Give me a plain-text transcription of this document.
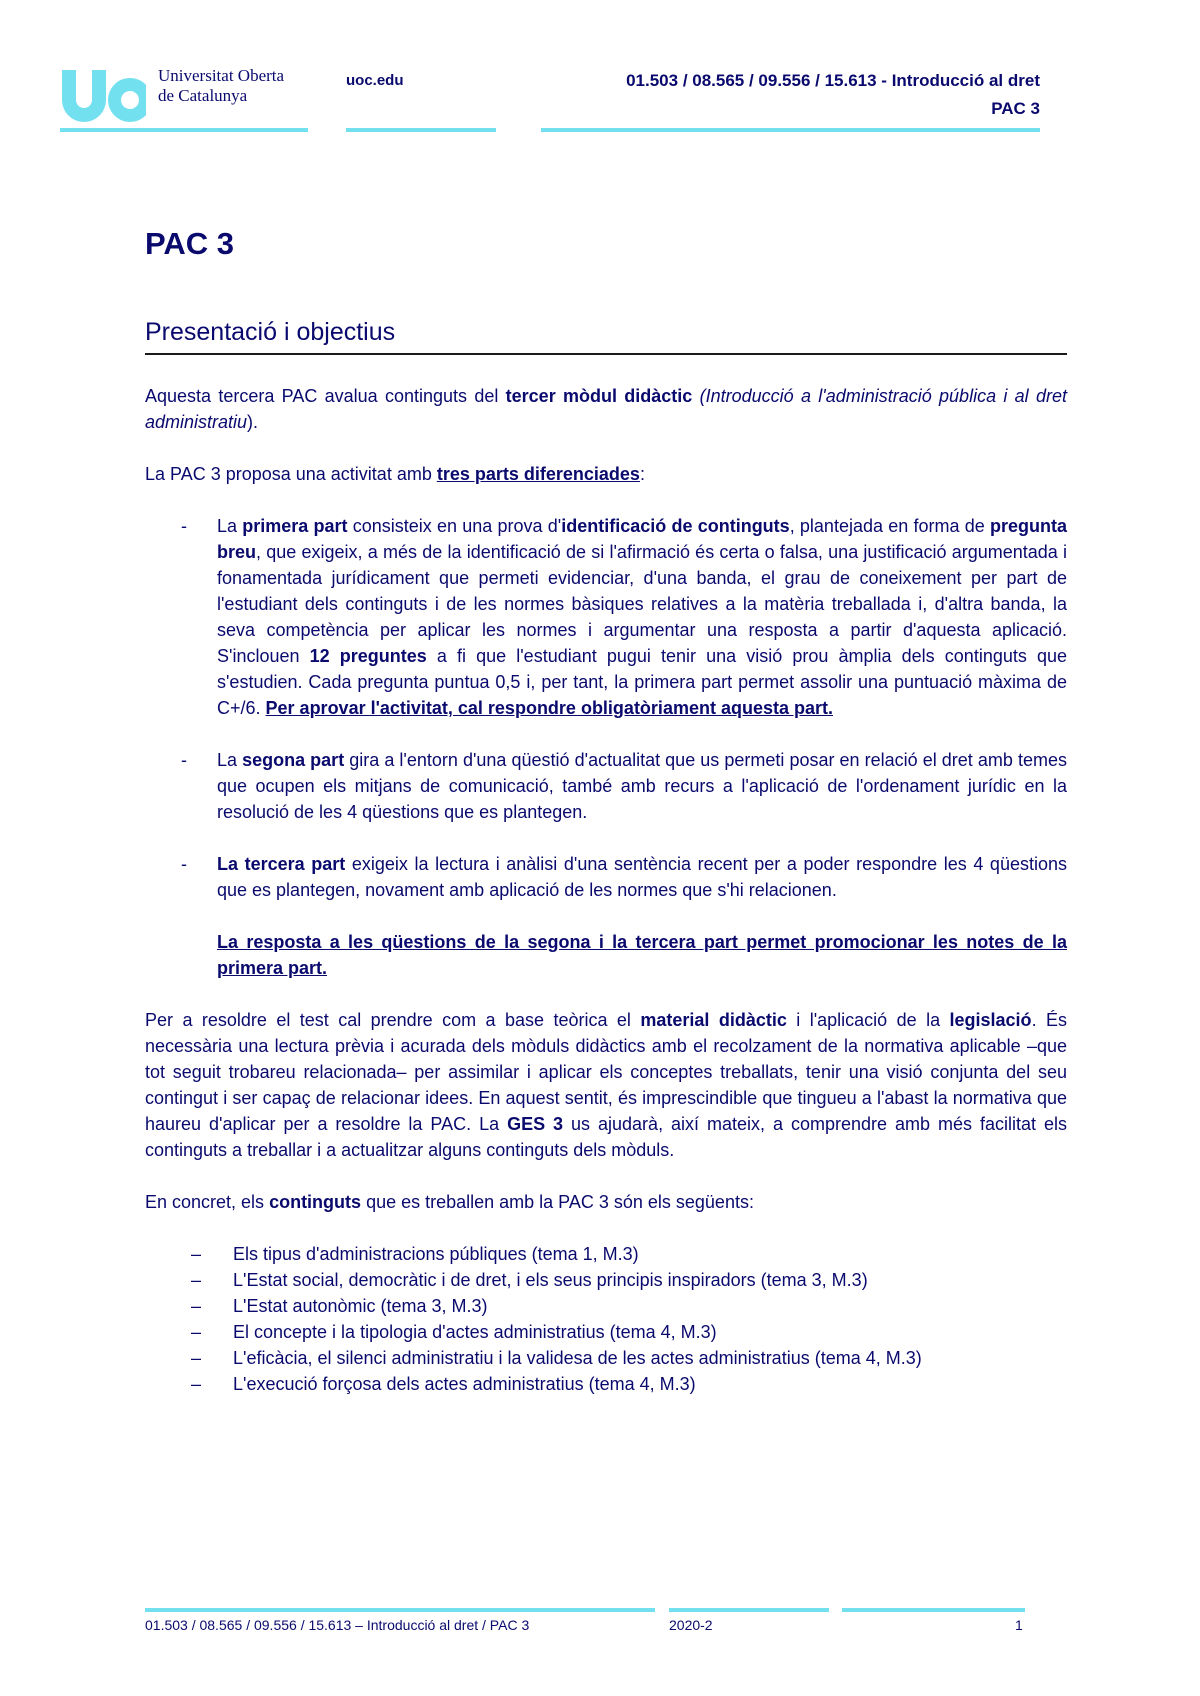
Universitat Oberta
de Catalunya
uoc.edu	01.503 / 08.565 / 09.556 / 15.613 - Introducció al dret
PAC 3
PAC 3
Presentació i objectius

Aquesta tercera PAC avalua continguts del tercer mòdul didàctic (Introducció a l'administració pública i al dret administratiu).

La PAC 3 proposa una activitat amb tres parts diferenciades:

-	La primera part consisteix en una prova d'identificació de continguts, plantejada en forma de pregunta breu, que exigeix, a més de la identificació de si l'afirmació és certa o falsa, una justificació argumentada i fonamentada jurídicament que permeti evidenciar, d'una banda, el grau de coneixement per part de l'estudiant dels continguts i de les normes bàsiques relatives a la matèria treballada i, d'altra banda, la seva competència per aplicar les normes i argumentar una resposta a partir d'aquesta aplicació. S'inclouen 12 preguntes a fi que l'estudiant pugui tenir una visió prou àmplia dels continguts que s'estudien. Cada pregunta puntua 0,5 i, per tant, la primera part permet assolir una puntuació màxima de C+/6. Per aprovar l'activitat, cal respondre obligatòriament aquesta part.
-	La segona part gira a l'entorn d'una qüestió d'actualitat que us permeti posar en relació el dret amb temes que ocupen els mitjans de comunicació, també amb recurs a l'aplicació de l'ordenament jurídic en la resolució de les 4 qüestions que es plantegen.
-	La tercera part exigeix la lectura i anàlisi d'una sentència recent per a poder respondre les 4 qüestions que es plantegen, novament amb aplicació de les normes que s'hi relacionen.

La resposta a les qüestions de la segona i la tercera part permet promocionar les notes de la primera part.

Per a resoldre el test cal prendre com a base teòrica el material didàctic i l'aplicació de la legislació. És necessària una lectura prèvia i acurada dels mòduls didàctics amb el recolzament de la normativa aplicable –que tot seguit trobareu relacionada– per assimilar i aplicar els conceptes treballats, tenir una visió conjunta del seu contingut i ser capaç de relacionar idees. En aquest sentit, és imprescindible que tingueu a l'abast la normativa que haureu d'aplicar per a resoldre la PAC. La GES 3 us ajudarà, així mateix, a comprendre amb més facilitat els continguts a treballar i a actualitzar alguns continguts dels mòduls.

En concret, els continguts que es treballen amb la PAC 3 són els següents:

–	Els tipus d'administracions públiques (tema 1, M.3)
–	L'Estat social, democràtic i de dret, i els seus principis inspiradors (tema 3, M.3)
–	L'Estat autonòmic (tema 3, M.3)
–	El concepte i la tipologia d'actes administratius (tema 4, M.3)
–	L'eficàcia, el silenci administratiu i la validesa de les actes administratius (tema 4, M.3)
–	L'execució forçosa dels actes administratius (tema 4, M.3)
01.503 / 08.565 / 09.556 / 15.613 – Introducció al dret / PAC 3	2020-2	1
